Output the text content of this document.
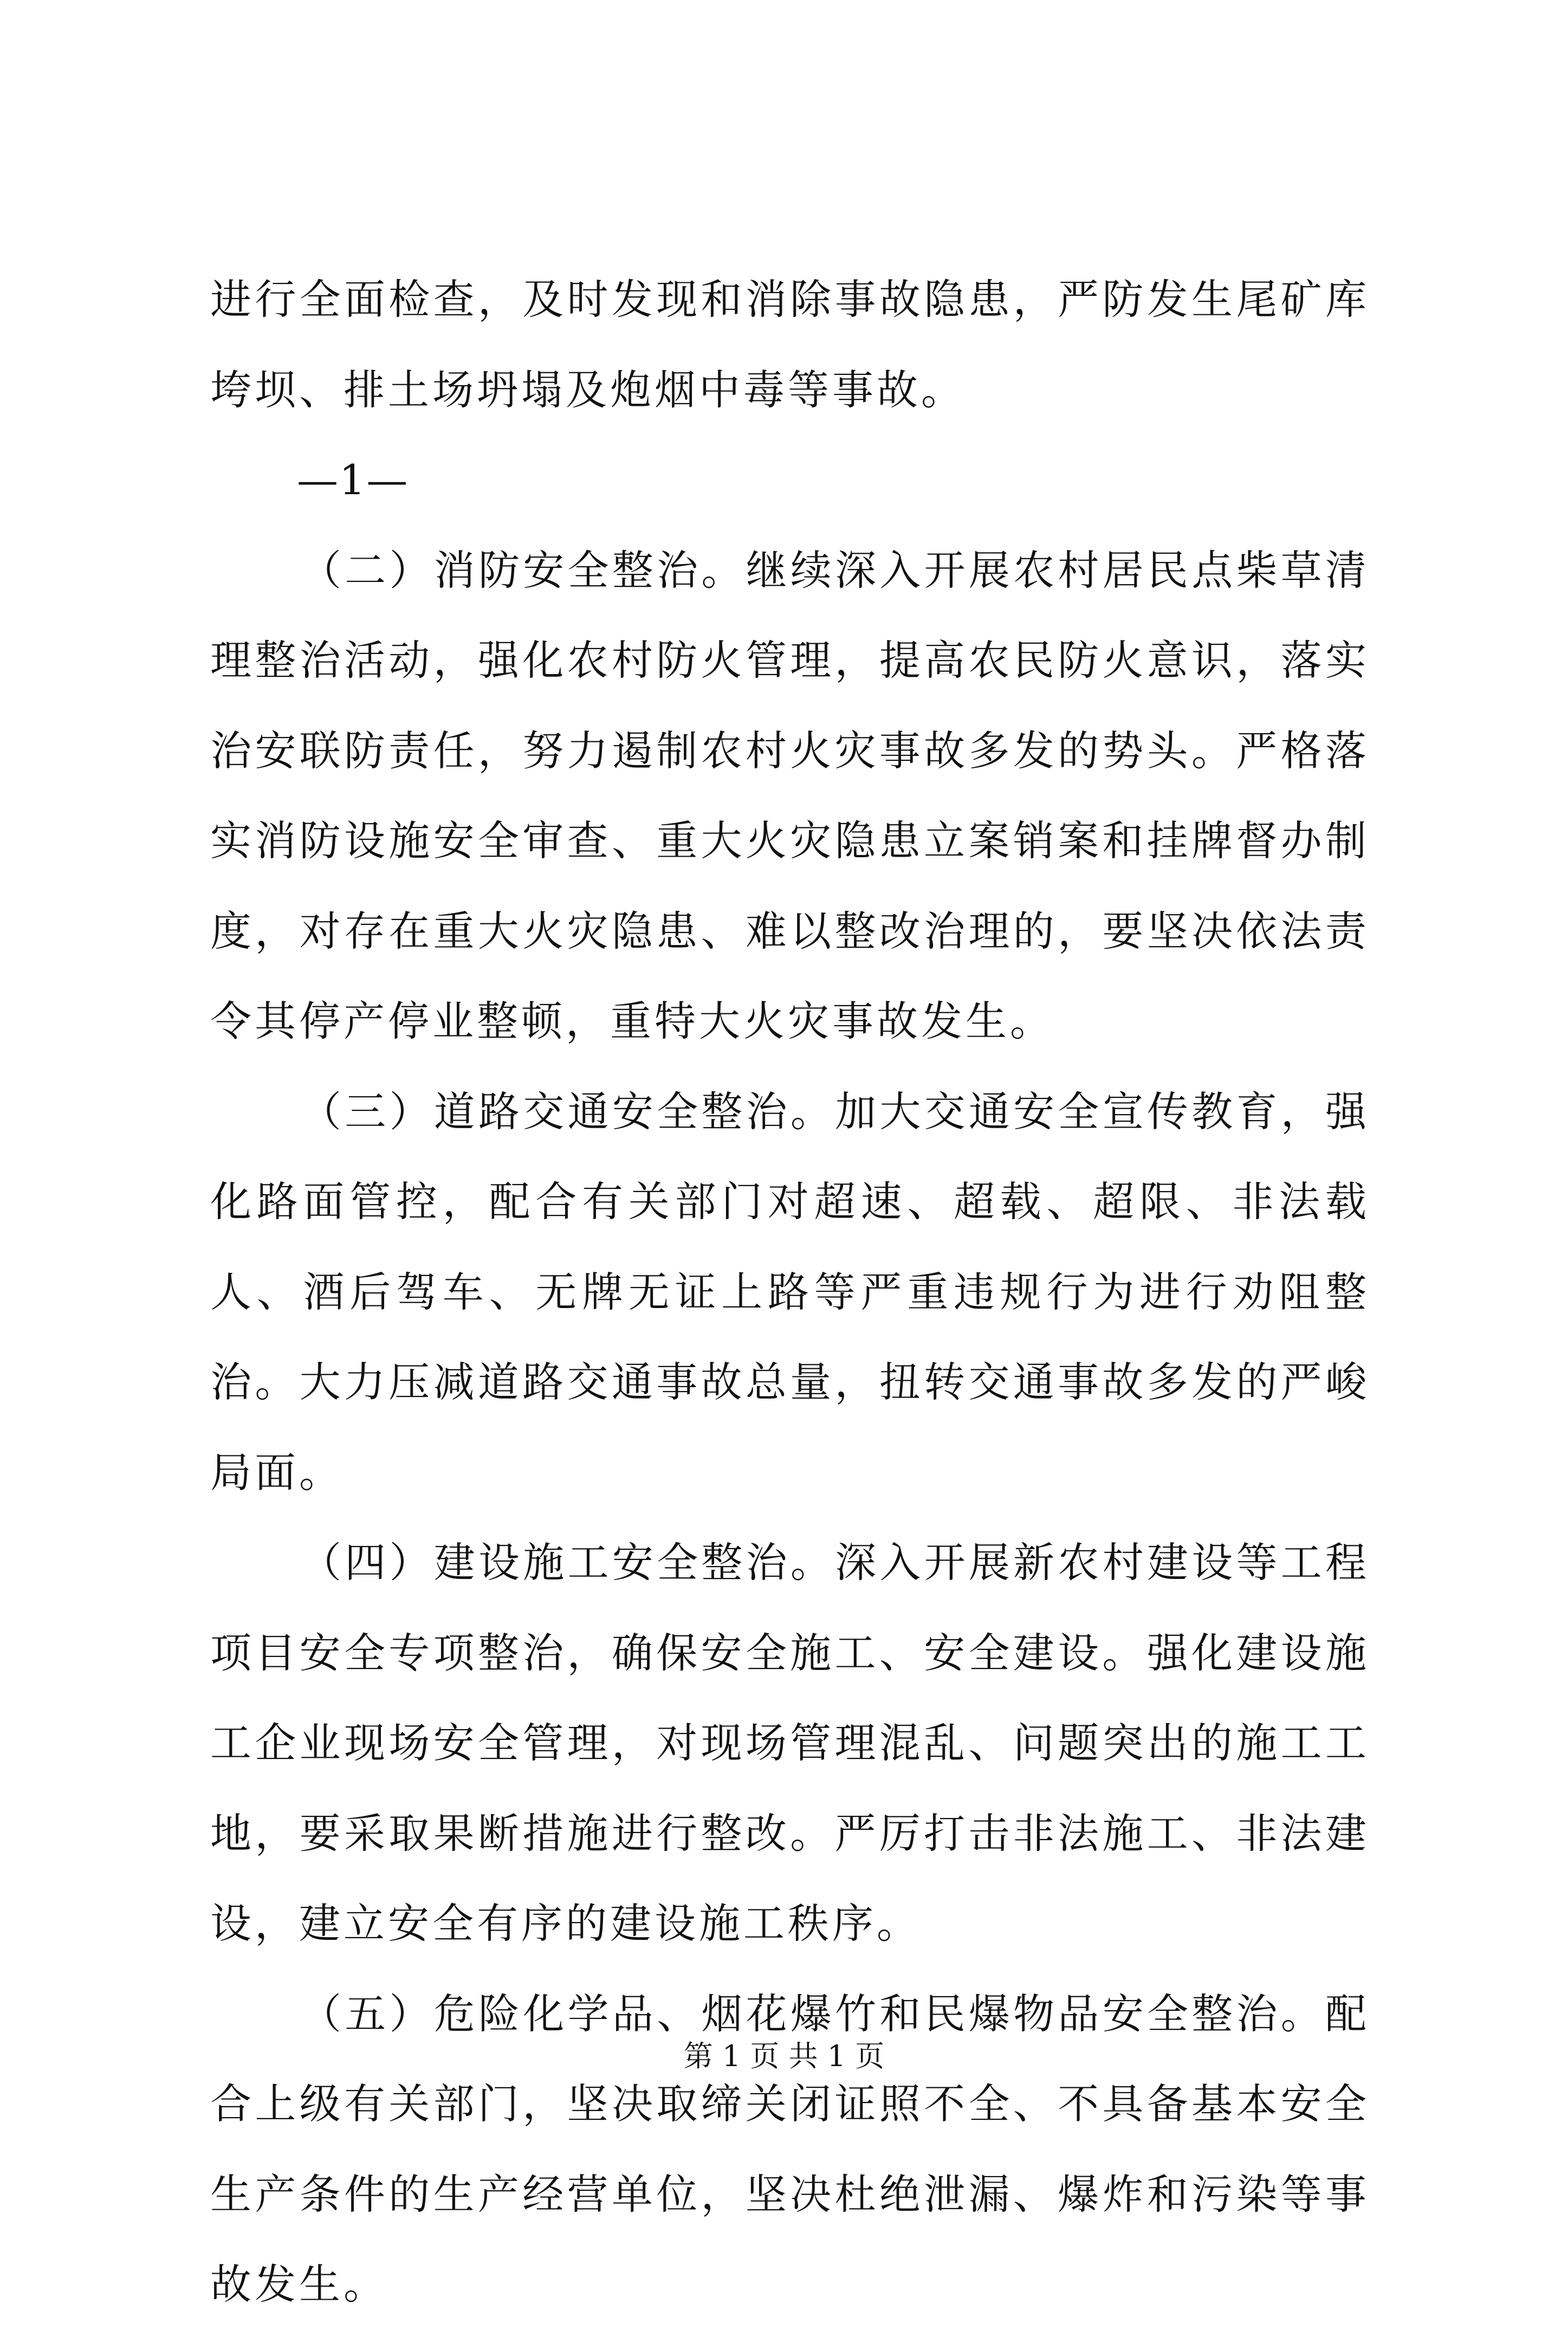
进行全面检查，及时发现和消除事故隐患，严防发生尾矿库垮坝、排土场坍塌及炮烟中毒等事故。

—1—

（二）消防安全整治。继续深入开展农村居民点柴草清理整治活动，强化农村防火管理，提高农民防火意识，落实治安联防责任，努力遏制农村火灾事故多发的势头。严格落实消防设施安全审查、重大火灾隐患立案销案和挂牌督办制度，对存在重大火灾隐患、难以整改治理的，要坚决依法责令其停产停业整顿，重特大火灾事故发生。

（三）道路交通安全整治。加大交通安全宣传教育，强化路面管控，配合有关部门对超速、超载、超限、非法载人、酒后驾车、无牌无证上路等严重违规行为进行劝阻整治。大力压减道路交通事故总量，扭转交通事故多发的严峻局面。

（四）建设施工安全整治。深入开展新农村建设等工程项目安全专项整治，确保安全施工、安全建设。强化建设施工企业现场安全管理，对现场管理混乱、问题突出的施工工地，要采取果断措施进行整改。严厉打击非法施工、非法建设，建立安全有序的建设施工秩序。

（五）危险化学品、烟花爆竹和民爆物品安全整治。配合上级有关部门，坚决取缔关闭证照不全、不具备基本安全生产条件的生产经营单位，坚决杜绝泄漏、爆炸和污染等事故发生。

第 1 页 共 1 页
